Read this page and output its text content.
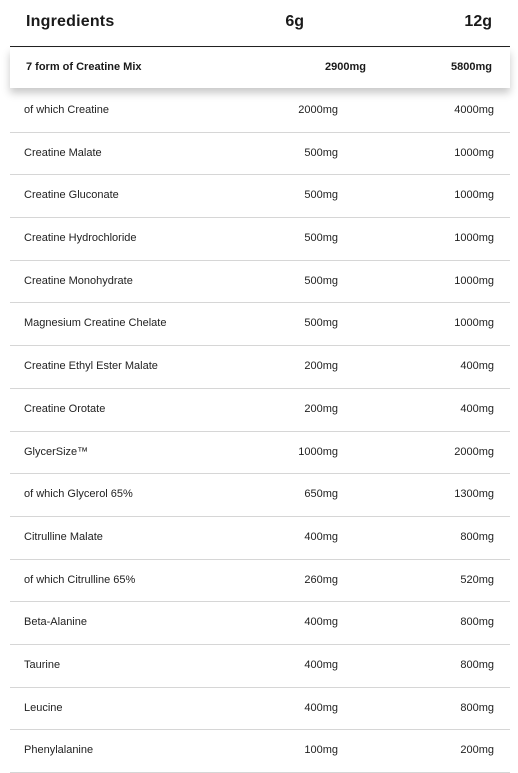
Ingredients	6g	12g
7 form of Creatine Mix	2900mg	5800mg
of which Creatine	2000mg	4000mg
Creatine Malate	500mg	1000mg
Creatine Gluconate	500mg	1000mg
Creatine Hydrochloride	500mg	1000mg
Creatine Monohydrate	500mg	1000mg
Magnesium Creatine Chelate	500mg	1000mg
Creatine Ethyl Ester Malate	200mg	400mg
Creatine Orotate	200mg	400mg
GlycerSize™	1000mg	2000mg
of which Glycerol 65%	650mg	1300mg
Citrulline Malate	400mg	800mg
of which Citrulline 65%	260mg	520mg
Beta-Alanine	400mg	800mg
Taurine	400mg	800mg
Leucine	400mg	800mg
Phenylalanine	100mg	200mg
